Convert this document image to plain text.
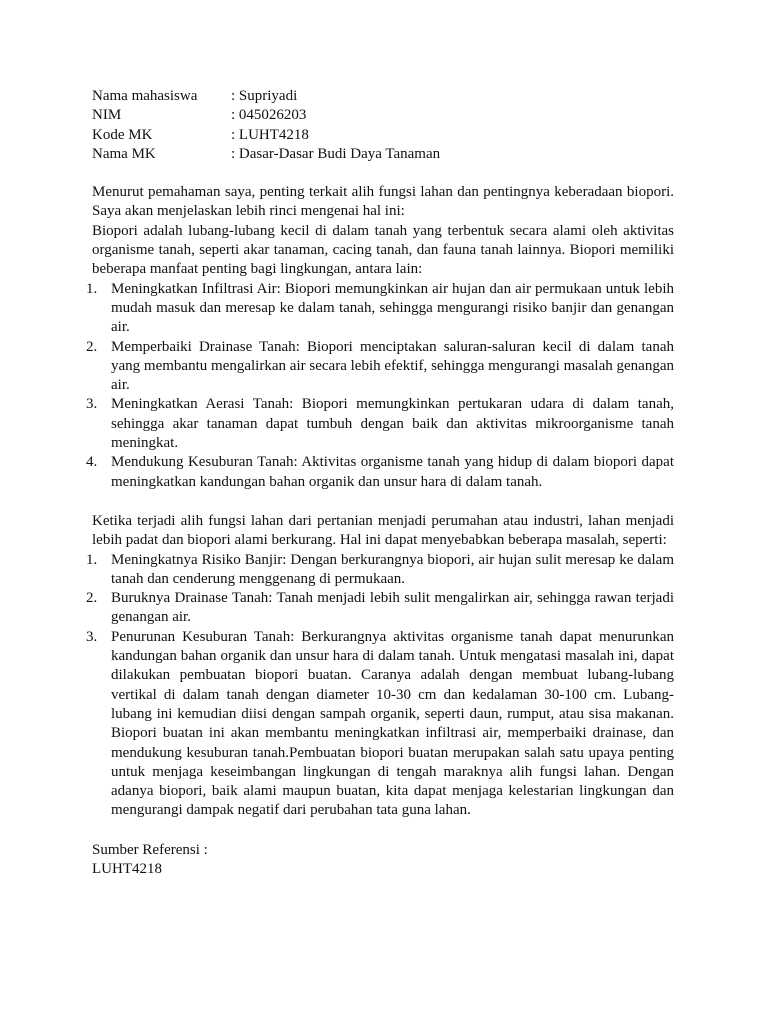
Nama mahasiswa	: Supriyadi
NIM	: 045026203
Kode MK	: LUHT4218
Nama MK	: Dasar-Dasar Budi Daya Tanaman

Menurut pemahaman saya, penting terkait alih fungsi lahan dan pentingnya keberadaan biopori. Saya akan menjelaskan lebih rinci mengenai hal ini:

Biopori adalah lubang-lubang kecil di dalam tanah yang terbentuk secara alami oleh aktivitas organisme tanah, seperti akar tanaman, cacing tanah, dan fauna tanah lainnya. Biopori memiliki beberapa manfaat penting bagi lingkungan, antara lain:

1. Meningkatkan Infiltrasi Air: Biopori memungkinkan air hujan dan air permukaan untuk lebih mudah masuk dan meresap ke dalam tanah, sehingga mengurangi risiko banjir dan genangan air.
2. Memperbaiki Drainase Tanah: Biopori menciptakan saluran-saluran kecil di dalam tanah yang membantu mengalirkan air secara lebih efektif, sehingga mengurangi masalah genangan air.
3. Meningkatkan Aerasi Tanah: Biopori memungkinkan pertukaran udara di dalam tanah, sehingga akar tanaman dapat tumbuh dengan baik dan aktivitas mikroorganisme tanah meningkat.
4. Mendukung Kesuburan Tanah: Aktivitas organisme tanah yang hidup di dalam biopori dapat meningkatkan kandungan bahan organik dan unsur hara di dalam tanah.

Ketika terjadi alih fungsi lahan dari pertanian menjadi perumahan atau industri, lahan menjadi lebih padat dan biopori alami berkurang. Hal ini dapat menyebabkan beberapa masalah, seperti:

1. Meningkatnya Risiko Banjir: Dengan berkurangnya biopori, air hujan sulit meresap ke dalam tanah dan cenderung menggenang di permukaan.
2. Buruknya Drainase Tanah: Tanah menjadi lebih sulit mengalirkan air, sehingga rawan terjadi genangan air.
3. Penurunan Kesuburan Tanah: Berkurangnya aktivitas organisme tanah dapat menurunkan kandungan bahan organik dan unsur hara di dalam tanah. Untuk mengatasi masalah ini, dapat dilakukan pembuatan biopori buatan. Caranya adalah dengan membuat lubang-lubang vertikal di dalam tanah dengan diameter 10-30 cm dan kedalaman 30-100 cm. Lubang-lubang ini kemudian diisi dengan sampah organik, seperti daun, rumput, atau sisa makanan. Biopori buatan ini akan membantu meningkatkan infiltrasi air, memperbaiki drainase, dan mendukung kesuburan tanah.Pembuatan biopori buatan merupakan salah satu upaya penting untuk menjaga keseimbangan lingkungan di tengah maraknya alih fungsi lahan. Dengan adanya biopori, baik alami maupun buatan, kita dapat menjaga kelestarian lingkungan dan mengurangi dampak negatif dari perubahan tata guna lahan.

Sumber Referensi :

LUHT4218
